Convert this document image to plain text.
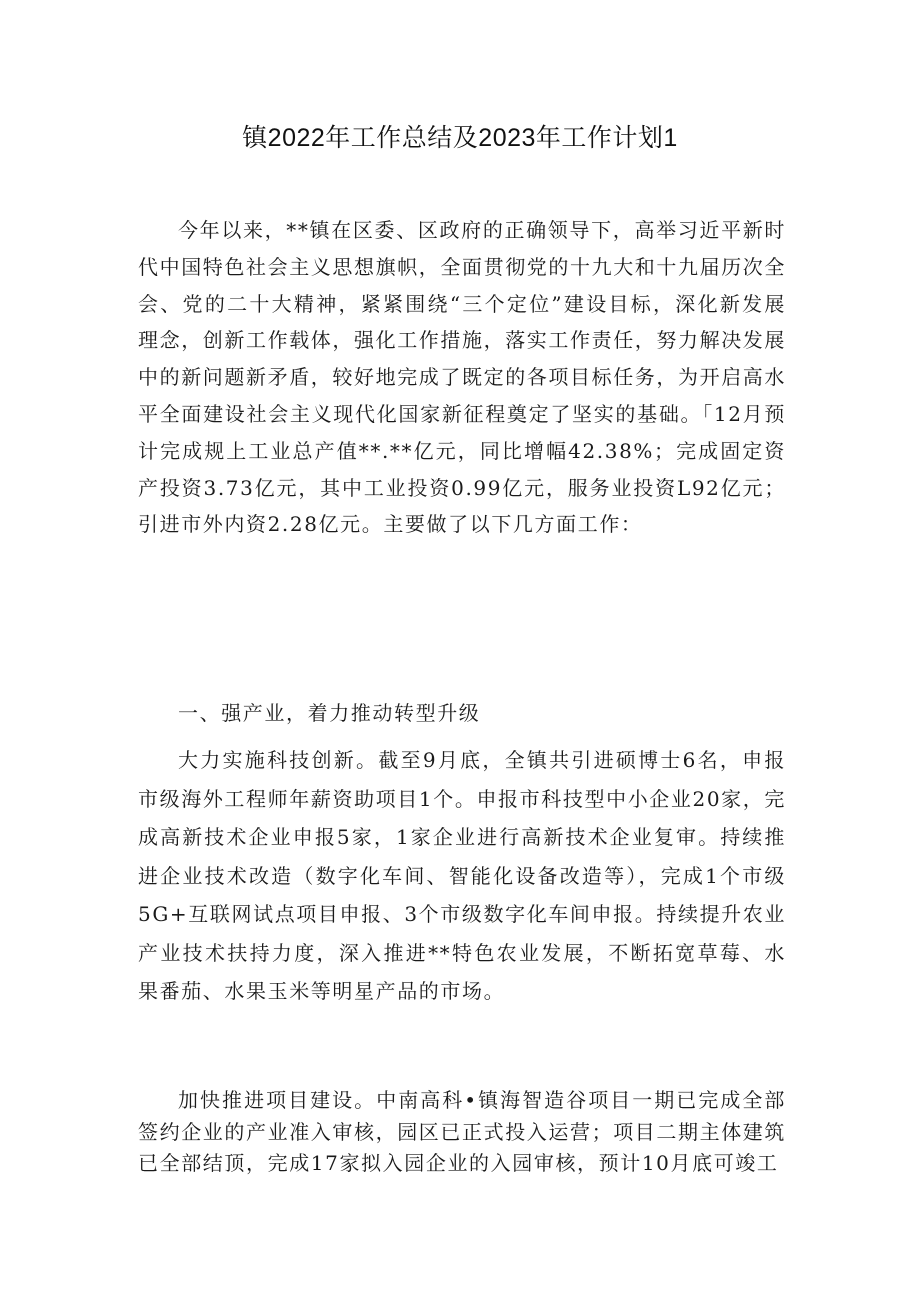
镇2022年工作总结及2023年工作计划1

今年以来，**镇在区委、区政府的正确领导下，高举习近平新时代中国特色社会主义思想旗帜，全面贯彻党的十九大和十九届历次全会、党的二十大精神，紧紧围绕“三个定位”建设目标，深化新发展理念，创新工作载体，强化工作措施，落实工作责任，努力解决发展中的新问题新矛盾，较好地完成了既定的各项目标任务，为开启高水平全面建设社会主义现代化国家新征程奠定了坚实的基础。「12月预计完成规上工业总产值**.**亿元，同比增幅42.38%；完成固定资产投资3.73亿元，其中工业投资0.99亿元，服务业投资L92亿元；引进市外内资2.28亿元。主要做了以下几方面工作：

一、强产业，着力推动转型升级

大力实施科技创新。截至9月底，全镇共引进硕博士6名，申报市级海外工程师年薪资助项目1个。申报市科技型中小企业20家，完成高新技术企业申报5家，1家企业进行高新技术企业复审。持续推进企业技术改造（数字化车间、智能化设备改造等），完成1个市级5G+互联网试点项目申报、3个市级数字化车间申报。持续提升农业产业技术扶持力度，深入推进**特色农业发展，不断拓宽草莓、水果番茄、水果玉米等明星产品的市场。

加快推进项目建设。中南高科•镇海智造谷项目一期已完成全部签约企业的产业准入审核，园区已正式投入运营；项目二期主体建筑已全部结顶，完成17家拟入园企业的入园审核，预计10月底可竣工
